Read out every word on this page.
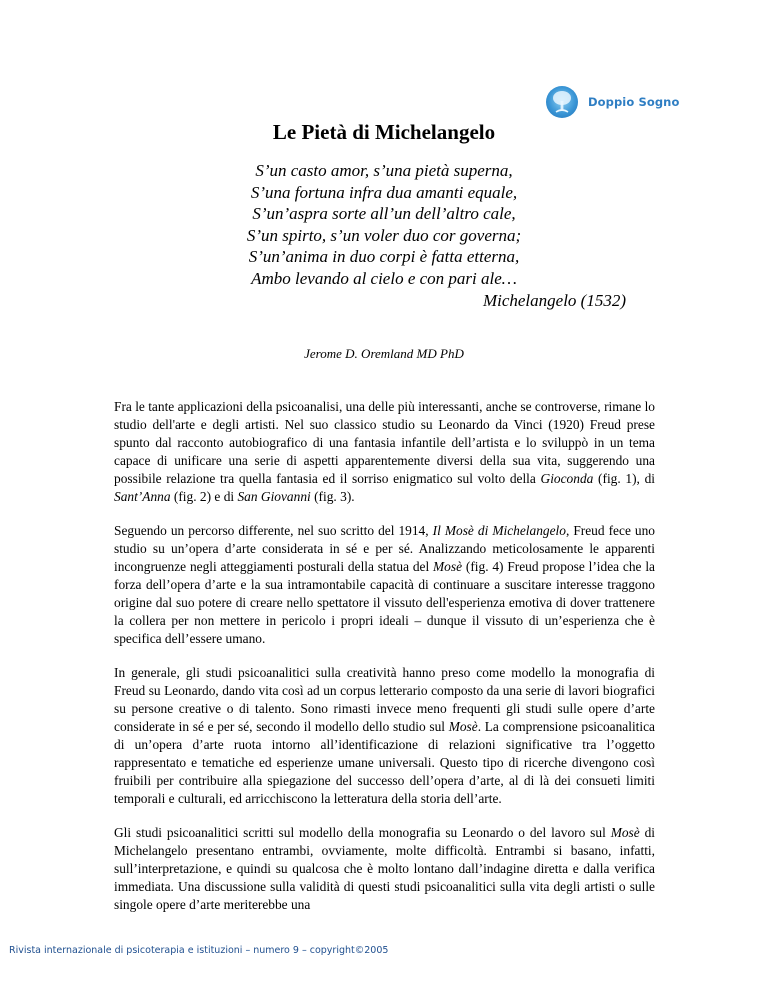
Doppio Sogno
Le Pietà di Michelangelo
S’un casto amor, s’una pietà superna,
S’una fortuna infra dua amanti equale,
S’un’aspra sorte all’un dell’altro cale,
S’un spirto, s’un voler duo cor governa;
S’un’anima in duo corpi è fatta etterna,
Ambo levando al cielo e con pari ale…
Michelangelo (1532)
Jerome D. Oremland MD PhD

Fra le tante applicazioni della psicoanalisi, una delle più interessanti, anche se controverse, rimane lo studio dell'arte e degli artisti. Nel suo classico studio su Leonardo da Vinci (1920) Freud prese spunto dal racconto autobiografico di una fantasia infantile dell’artista e lo sviluppò in un tema capace di unificare una serie di aspetti apparentemente diversi della sua vita, suggerendo una possibile relazione tra quella fantasia ed il sorriso enigmatico sul volto della Gioconda (fig. 1), di Sant’Anna (fig. 2) e di San Giovanni (fig. 3).

Seguendo un percorso differente, nel suo scritto del 1914, Il Mosè di Michelangelo, Freud fece uno studio su un’opera d’arte considerata in sé e per sé. Analizzando meticolosamente le apparenti incongruenze negli atteggiamenti posturali della statua del Mosè (fig. 4) Freud propose l’idea che la forza dell’opera d’arte e la sua intramontabile capacità di continuare a suscitare interesse traggono origine dal suo potere di creare nello spettatore il vissuto dell'esperienza emotiva di dover trattenere la collera per non mettere in pericolo i propri ideali – dunque il vissuto di un’esperienza che è specifica dell’essere umano.

In generale, gli studi psicoanalitici sulla creatività hanno preso come modello la monografia di Freud su Leonardo, dando vita così ad un corpus letterario composto da una serie di lavori biografici su persone creative o di talento. Sono rimasti invece meno frequenti gli studi sulle opere d’arte considerate in sé e per sé, secondo il modello dello studio sul Mosè. La comprensione psicoanalitica di un’opera d’arte ruota intorno all’identificazione di relazioni significative tra l’oggetto rappresentato e tematiche ed esperienze umane universali. Questo tipo di ricerche divengono così fruibili per contribuire alla spiegazione del successo dell’opera d’arte, al di là dei consueti limiti temporali e culturali, ed arricchiscono la letteratura della storia dell’arte.

Gli studi psicoanalitici scritti sul modello della monografia su Leonardo o del lavoro sul Mosè di Michelangelo presentano entrambi, ovviamente, molte difficoltà. Entrambi si basano, infatti, sull’interpretazione, e quindi su qualcosa che è molto lontano dall’indagine diretta e dalla verifica immediata. Una discussione sulla validità di questi studi psicoanalitici sulla vita degli artisti o sulle singole opere d’arte meriterebbe una

Rivista internazionale di psicoterapia e istituzioni – numero 9 – copyright©2005
